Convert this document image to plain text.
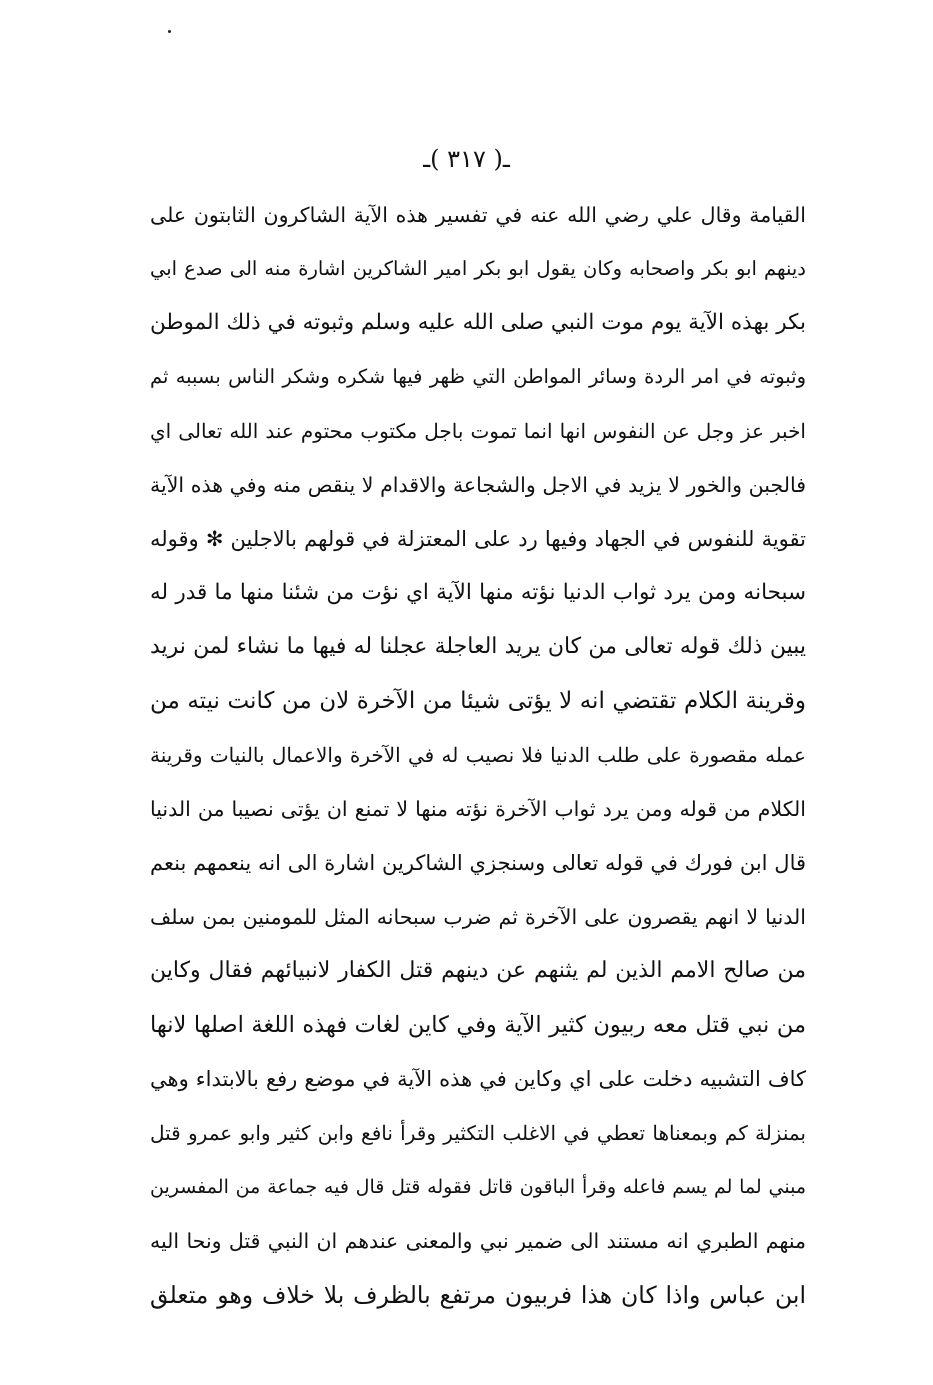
ـ( ٣١٧ )ـ
القيامة وقال علي رضي الله عنه في تفسير هذه الآية الشاكرون الثابتون على
دينهم ابو بكر واصحابه وكان يقول ابو بكر امير الشاكرين اشارة منه الى صدع ابي
بكر بهذه الآية يوم موت النبي صلى الله عليه وسلم وثبوته في ذلك الموطن
وثبوته في امر الردة وسائر المواطن التي ظهر فيها شكره وشكر الناس بسببه ثم
اخبر عز وجل عن النفوس انها انما تموت باجل مكتوب محتوم عند الله تعالى اي
فالجبن والخور لا يزيد في الاجل والشجاعة والاقدام لا ينقص منه وفي هذه الآية
تقوية للنفوس في الجهاد وفيها رد على المعتزلة في قولهم بالاجلين ✻ وقوله
سبحانه ومن يرد ثواب الدنيا نؤته منها الآية اي نؤت من شئنا منها ما قدر له
يبين ذلك قوله تعالى من كان يريد العاجلة عجلنا له فيها ما نشاء لمن نريد
وقرينة الكلام تقتضي انه لا يؤتى شيئا من الآخرة لان من كانت نيته من
عمله مقصورة على طلب الدنيا فلا نصيب له في الآخرة والاعمال بالنيات وقرينة
الكلام من قوله ومن يرد ثواب الآخرة نؤته منها لا تمنع ان يؤتى نصيبا من الدنيا
قال ابن فورك في قوله تعالى وسنجزي الشاكرين اشارة الى انه ينعمهم بنعم
الدنيا لا انهم يقصرون على الآخرة ثم ضرب سبحانه المثل للمومنين بمن سلف
من صالح الامم الذين لم يثنهم عن دينهم قتل الكفار لانبيائهم فقال وكاين
من نبي قتل معه ربيون كثير الآية وفي كاين لغات فهذه اللغة اصلها لانها
كاف التشبيه دخلت على اي وكاين في هذه الآية في موضع رفع بالابتداء وهي
بمنزلة كم وبمعناها تعطي في الاغلب التكثير وقرأ نافع وابن كثير وابو عمرو قتل
مبني لما لم يسم فاعله وقرأ الباقون قاتل فقوله قتل قال فيه جماعة من المفسرين
منهم الطبري انه مستند الى ضمير نبي والمعنى عندهم ان النبي قتل ونحا اليه
ابن عباس واذا كان هذا فربيون مرتفع بالظرف بلا خلاف وهو متعلق
